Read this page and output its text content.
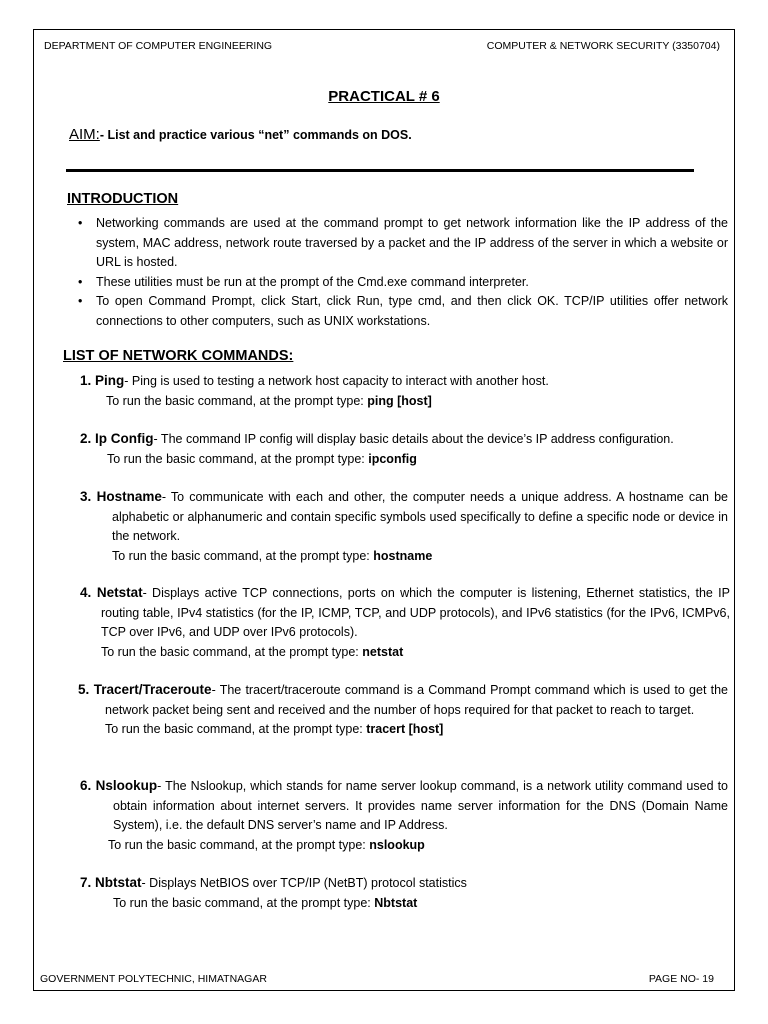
DEPARTMENT OF COMPUTER ENGINEERING	COMPUTER & NETWORK SECURITY (3350704)
PRACTICAL # 6
AIM:- List and practice various “net” commands on DOS.
INTRODUCTION
• Networking commands are used at the command prompt to get network information like the IP address of the system, MAC address, network route traversed by a packet and the IP address of the server in which a website or URL is hosted.
• These utilities must be run at the prompt of the Cmd.exe command interpreter.
• To open Command Prompt, click Start, click Run, type cmd, and then click OK. TCP/IP utilities offer network connections to other computers, such as UNIX workstations.
LIST OF NETWORK COMMANDS:
1. Ping- Ping is used to testing a network host capacity to interact with another host.
To run the basic command, at the prompt type: ping [host]
2. Ip Config- The command IP config will display basic details about the device’s IP address configuration.
To run the basic command, at the prompt type: ipconfig
3. Hostname- To communicate with each and other, the computer needs a unique address. A hostname can be alphabetic or alphanumeric and contain specific symbols used specifically to define a specific node or device in the network.
To run the basic command, at the prompt type: hostname
4. Netstat- Displays active TCP connections, ports on which the computer is listening, Ethernet statistics, the IP routing table, IPv4 statistics (for the IP, ICMP, TCP, and UDP protocols), and IPv6 statistics (for the IPv6, ICMPv6, TCP over IPv6, and UDP over IPv6 protocols).
To run the basic command, at the prompt type: netstat
5. Tracert/Traceroute- The tracert/traceroute command is a Command Prompt command which is used to get the network packet being sent and received and the number of hops required for that packet to reach to target.
To run the basic command, at the prompt type: tracert [host]
6. Nslookup- The Nslookup, which stands for name server lookup command, is a network utility command used to obtain information about internet servers. It provides name server information for the DNS (Domain Name System), i.e. the default DNS server’s name and IP Address.
To run the basic command, at the prompt type: nslookup
7. Nbtstat- Displays NetBIOS over TCP/IP (NetBT) protocol statistics
To run the basic command, at the prompt type: Nbtstat
GOVERNMENT POLYTECHNIC, HIMATNAGAR	PAGE NO- 19
